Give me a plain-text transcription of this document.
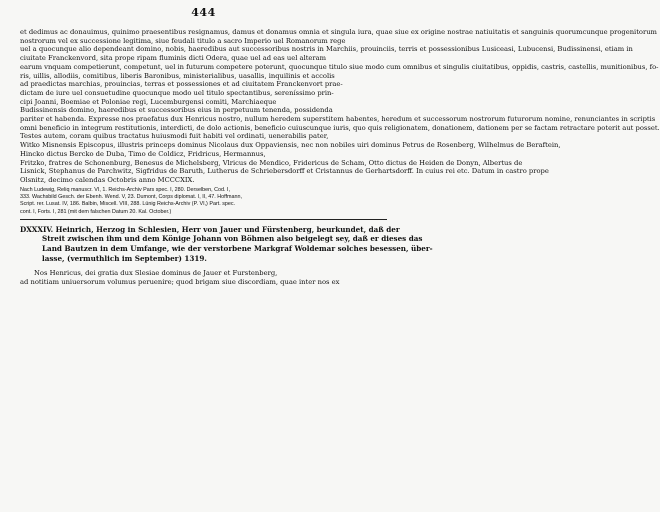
444
et dedimus ac donauimus, quinimo praesentibus resignamus, damus et donamus omnia et singula iura, quae siue ex origine nostrae natiuitatis et sanguinis quorumcunque progenitorum
nostrorum vel ex successione legitima, siue feudali titulo a sacro Imperio uel Romanorum rege
uel a quocunque alio dependeant domino, nobis, haeredibus aut successoribus nostris in Marchiis, prouinciis, terris et possessionibus Lusiceasi, Lubucensi, Budissinensi, etiam in
ciuitate Franckenvord, sita prope ripam fluminis dicti Odera, quae uel ad eas uel alteram
earum vnquam competierunt, competunt, uel in futurum competere poterunt, quocunque titulo siue modo cum omnibus et singulis ciuitatibus, oppidis, castris, castellis, munitionibus, fo-
ris, uillis, allodiis, comitibus, liberis Baronibus, ministerialibus, uasallis, inquilinis et accolis
ad praedictas marchias, prouincias, terras et possessiones et ad ciuitatem Franckenvort prae-
dictam de iure uel consuetudine quocunque modo uel titulo spectantibus, sereníssimo prin-
cipi Joanni, Boemiae et Poloniae regi, Lucemburgensi comiti, Marchiaeque
Budissinensis domino, haeredibus et successoribus eius in perpetuum tenenda, possidenda
pariter et habenda. Expresse nos praefatus dux Henricus nostro, nullum heredem superstitem habentes, heredum et successorum nostrorum futurorum nomine, renunciantes in scriptis
omni beneficio in integrum restitutionis, interdicti, de dolo actionis, beneficio cuiuscunque iuris, quo quis religionatem, donationem, dationem per se factam retractare poterit aut posset.
Testes autem, coram quibus tractatus huiusmodi fuit habiti vel ordinati, uenerabilis pater,
Witko Misnensis Episcopus, illustris princeps dominus Nicolaus dux Oppaviensis, nec non nobiles uiri dominus Petrus de Rosenberg, Wilhelmus de Beraftein,
Hincko dictus Bercko de Duba, Timo de Coldicz, Fridricus, Hermannus,
Fritzko, fratres de Schonenburg, Benesus de Michelsberg, Vlricus de Mendico, Fridericus de Scham, Otto dictus de Heiden de Donyn, Albertus de
Lisnick, Stephanus de Parchwitz, Sigfridus de Baruth, Lutherus de Schriebersdorff et Cristannus de Gerhartsdorff. In cuius rei etc. Datum in castro prope
Olsnitz, decimo calendas Octobris anno MCCCXIX.
Nach Ludewig, Reliq manuscr. VI, 1. Reichs-Archiv Pars spec. I, 280. Derselben, Cod. I,
333. Wachsbild Gesch. der Ebenh. Wend. V, 23. Dumont, Corps diplomat. I, II, 47. Hoffmann,
Script. rer. Lusat. IV, 186. Balbin, Miscell. VIII, 288. Lünig Reichs-Archiv (P. VI,) Part. spec.
cont. I, Forts. I, 281 (mit dem falschen Datum 20. Kal. October.)
DXXXIV. Heinrich, Herzog in Schlesien, Herr von Jauer und Fürstenberg, beurkundet, daß der
Streit zwischen ihm und dem Könige Johann von Böhmen also beigelegt sey, daß er dieses das
Land Bautzen in dem Umfange, wie der verstorbene Markgraf Woldemar solches besessen, über-
lasse, (vermuthlich im September) 1319.
Nos Henricus, dei gratia dux Slesiae dominus de Jauer et Furstenberg,
ad notitiam uniuersorum volumus peruenire; quod brigam siue discordiam, quae inter nos ex
